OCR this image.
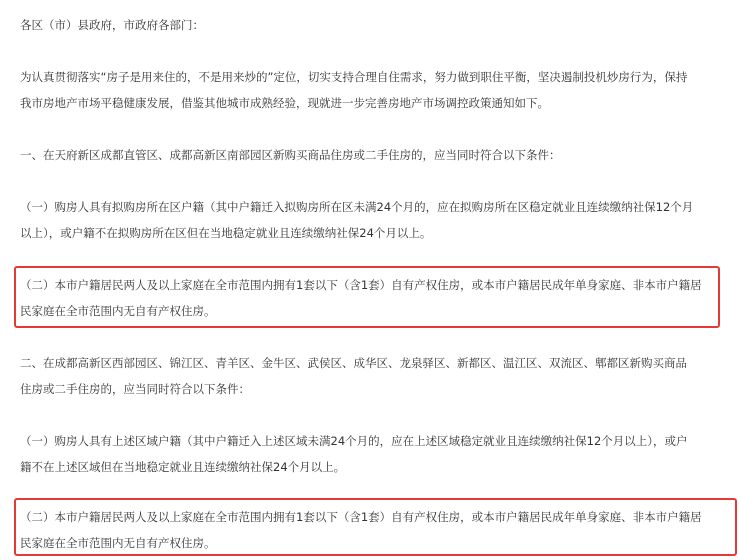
各区（市）县政府，市政府各部门：

为认真贯彻落实“房子是用来住的，不是用来炒的”定位，切实支持合理自住需求，努力做到职住平衡，坚决遏制投机炒房行为，保持
我市房地产市场平稳健康发展，借鉴其他城市成熟经验，现就进一步完善房地产市场调控政策通知如下。

一、在天府新区成都直管区、成都高新区南部园区新购买商品住房或二手住房的，应当同时符合以下条件：

（一）购房人具有拟购房所在区户籍（其中户籍迁入拟购房所在区未满24个月的，应在拟购房所在区稳定就业且连续缴纳社保12个月
以上），或户籍不在拟购房所在区但在当地稳定就业且连续缴纳社保24个月以上。

（二）本市户籍居民两人及以上家庭在全市范围内拥有1套以下（含1套）自有产权住房，或本市户籍居民成年单身家庭、非本市户籍居
民家庭在全市范围内无自有产权住房。

二、在成都高新区西部园区、锦江区、青羊区、金牛区、武侯区、成华区、龙泉驿区、新都区、温江区、双流区、郫都区新购买商品
住房或二手住房的，应当同时符合以下条件：

（一）购房人具有上述区域户籍（其中户籍迁入上述区域未满24个月的，应在上述区域稳定就业且连续缴纳社保12个月以上），或户
籍不在上述区域但在当地稳定就业且连续缴纳社保24个月以上。

（二）本市户籍居民两人及以上家庭在全市范围内拥有1套以下（含1套）自有产权住房，或本市户籍居民成年单身家庭、非本市户籍居
民家庭在全市范围内无自有产权住房。
